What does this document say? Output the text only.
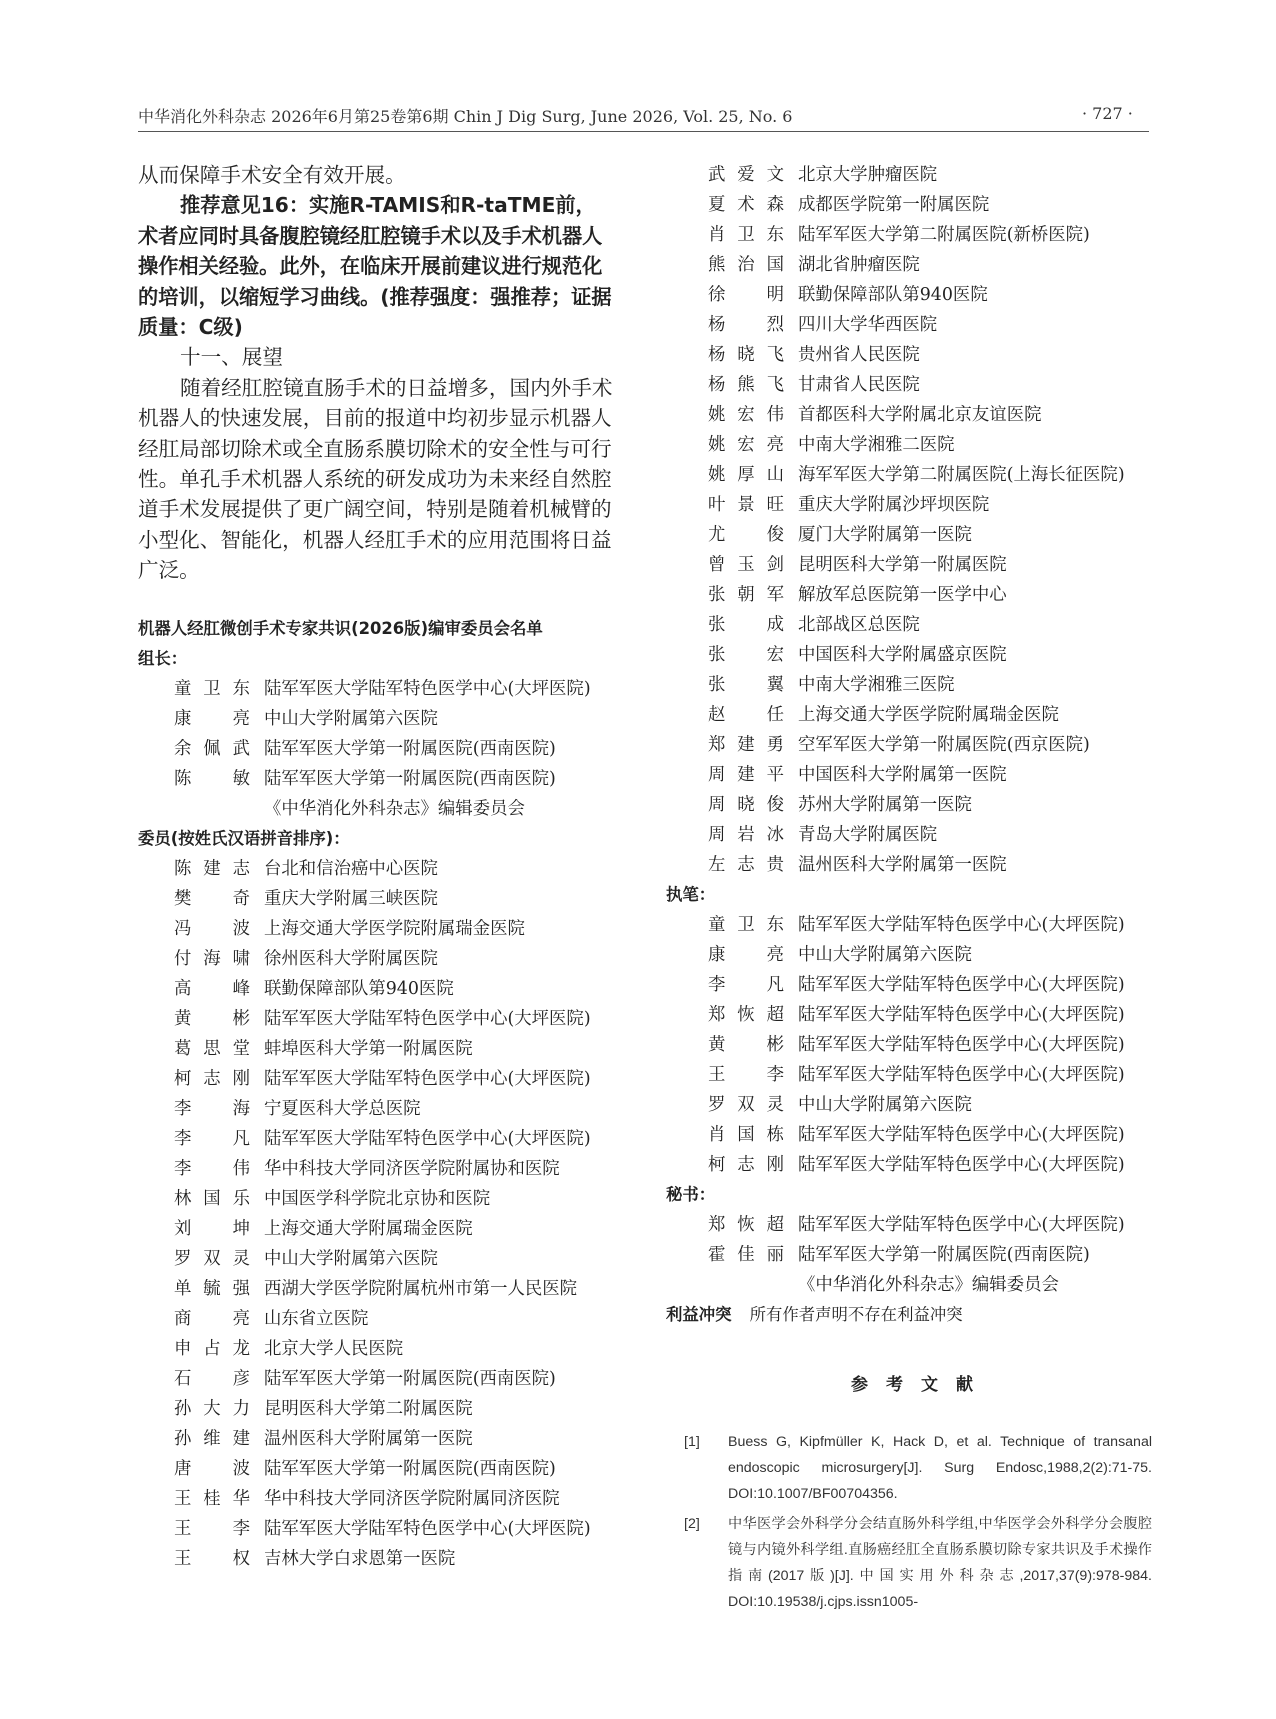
中华消化外科杂志 2026年6月第25卷第6期 Chin J Dig Surg, June 2026, Vol. 25, No. 6	· 727 ·

从而保障手术安全有效开展。

推荐意见16：实施R-TAMIS和R-taTME前，术者应同时具备腹腔镜经肛腔镜手术以及手术机器人操作相关经验。此外，在临床开展前建议进行规范化的培训，以缩短学习曲线。(推荐强度：强推荐；证据质量：C级)

十一、展望

随着经肛腔镜直肠手术的日益增多，国内外手术机器人的快速发展，目前的报道中均初步显示机器人经肛局部切除术或全直肠系膜切除术的安全性与可行性。单孔手术机器人系统的研发成功为未来经自然腔道手术发展提供了更广阔空间，特别是随着机械臂的小型化、智能化，机器人经肛手术的应用范围将日益广泛。

机器人经肛微创手术专家共识(2026版)编审委员会名单

组长：

童卫东 陆军军医大学陆军特色医学中心(大坪医院)
康亮 中山大学附属第六医院
余佩武 陆军军医大学第一附属医院(西南医院)
陈敏 陆军军医大学第一附属医院(西南医院)
《中华消化外科杂志》编辑委员会

委员(按姓氏汉语拼音排序)：

陈建志 台北和信治癌中心医院
樊奇 重庆大学附属三峡医院
冯波 上海交通大学医学院附属瑞金医院
付海啸 徐州医科大学附属医院
高峰 联勤保障部队第940医院
黄彬 陆军军医大学陆军特色医学中心(大坪医院)
葛思堂 蚌埠医科大学第一附属医院
柯志刚 陆军军医大学陆军特色医学中心(大坪医院)
李海 宁夏医科大学总医院
李凡 陆军军医大学陆军特色医学中心(大坪医院)
李伟 华中科技大学同济医学院附属协和医院
林国乐 中国医学科学院北京协和医院
刘坤 上海交通大学附属瑞金医院
罗双灵 中山大学附属第六医院
单毓强 西湖大学医学院附属杭州市第一人民医院
商亮 山东省立医院
申占龙 北京大学人民医院
石彦 陆军军医大学第一附属医院(西南医院)
孙大力 昆明医科大学第二附属医院
孙维建 温州医科大学附属第一医院
唐波 陆军军医大学第一附属医院(西南医院)
王桂华 华中科技大学同济医学院附属同济医院
王李 陆军军医大学陆军特色医学中心(大坪医院)
王权 吉林大学白求恩第一医院
武爱文 北京大学肿瘤医院
夏术森 成都医学院第一附属医院
肖卫东 陆军军医大学第二附属医院(新桥医院)
熊治国 湖北省肿瘤医院
徐明 联勤保障部队第940医院
杨烈 四川大学华西医院
杨晓飞 贵州省人民医院
杨熊飞 甘肃省人民医院
姚宏伟 首都医科大学附属北京友谊医院
姚宏亮 中南大学湘雅二医院
姚厚山 海军军医大学第二附属医院(上海长征医院)
叶景旺 重庆大学附属沙坪坝医院
尤俊 厦门大学附属第一医院
曾玉剑 昆明医科大学第一附属医院
张朝军 解放军总医院第一医学中心
张成 北部战区总医院
张宏 中国医科大学附属盛京医院
张翼 中南大学湘雅三医院
赵任 上海交通大学医学院附属瑞金医院
郑建勇 空军军医大学第一附属医院(西京医院)
周建平 中国医科大学附属第一医院
周晓俊 苏州大学附属第一医院
周岩冰 青岛大学附属医院
左志贵 温州医科大学附属第一医院

执笔：

童卫东 陆军军医大学陆军特色医学中心(大坪医院)
康亮 中山大学附属第六医院
李凡 陆军军医大学陆军特色医学中心(大坪医院)
郑恢超 陆军军医大学陆军特色医学中心(大坪医院)
黄彬 陆军军医大学陆军特色医学中心(大坪医院)
王李 陆军军医大学陆军特色医学中心(大坪医院)
罗双灵 中山大学附属第六医院
肖国栋 陆军军医大学陆军特色医学中心(大坪医院)
柯志刚 陆军军医大学陆军特色医学中心(大坪医院)

秘书：

郑恢超 陆军军医大学陆军特色医学中心(大坪医院)
霍佳丽 陆军军医大学第一附属医院(西南医院)
《中华消化外科杂志》编辑委员会
利益冲突 所有作者声明不存在利益冲突
参考文献
[1]	Buess G, Kipfmüller K, Hack D, et al. Technique of transanal endoscopic microsurgery[J]. Surg Endosc,1988,2(2):71-75. DOI:10.1007/BF00704356.
[2]	中华医学会外科学分会结直肠外科学组,中华医学会外科学分会腹腔镜与内镜外科学组.直肠癌经肛全直肠系膜切除专家共识及手术操作指南(2017版)[J].中国实用外科杂志,2017,37(9):978-984. DOI:10.19538/j.cjps.issn1005-
